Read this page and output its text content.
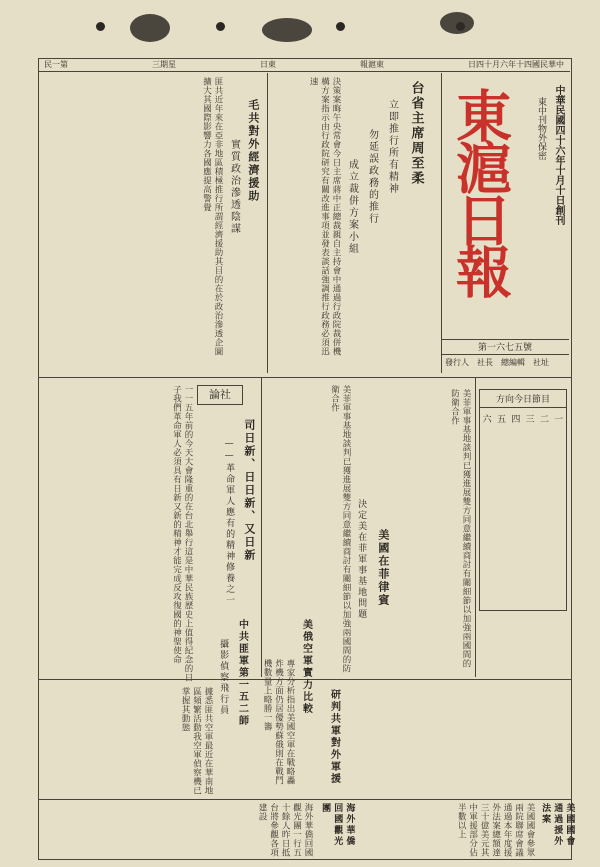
民一第	三期星	日東	報滬東	日四十月六年十四國民華中
中華民國四十六年十月十日創刊
東中刊物外保密
東滬日報
第一六七五號
發行人 社長 總編輯 社址
台省主席周至柔
立即推行所有精神
勿延誤政務的推行
成立裁併方案小組
決策案晦午央常會今日主席蔣中正總裁親自主持會中通過行政院裁併機構方案指示由行政院研究有關改進事項並發表談話強調推行政務必須迅速
毛共對外經濟援助
實質政治滲透陰謀
匪共近年來在亞非地區積極推行所謂經濟援助其目的在於政治滲透企圖擴大其國際影響力各國應提高警覺
論社
司日新、日日新、又日新
——革命軍人應有的精神修養之一
一一五年前的今天大會隆重的在台北舉行這是中華民族歷史上值得紀念的日子我們革命軍人必須具有日新又新的精神才能完成反攻復國的神聖使命	美國在菲律賓
決定美在菲軍事基地問題
美菲軍事基地談判已獲進展雙方同意繼續商討有關細節以加強兩國間的防衛合作	方向今日節目
一
二
三
四
五
六
美菲軍事基地談判已獲進展雙方同意繼續商討有關細節以加強兩國間的防衛合作
中共匪軍第一五二師
攝影偵察飛行員	美俄空軍實力比較
專家分析指出美國空軍在戰略轟炸機方面仍居優勢蘇俄則在戰鬥機數量上略勝一籌	研判共軍對外軍援
據悉匪共空軍最近在華南地區頻繁活動我空軍偵察機已掌握其動態
美國國會通過援外法案
美國國會參眾兩院聯席會議通過本年度援外法案總額達三十億美元其中軍援部分佔半數以上
海外華僑回國觀光團
海外華僑回國觀光團一行五十餘人昨日抵台將參觀各項建設
